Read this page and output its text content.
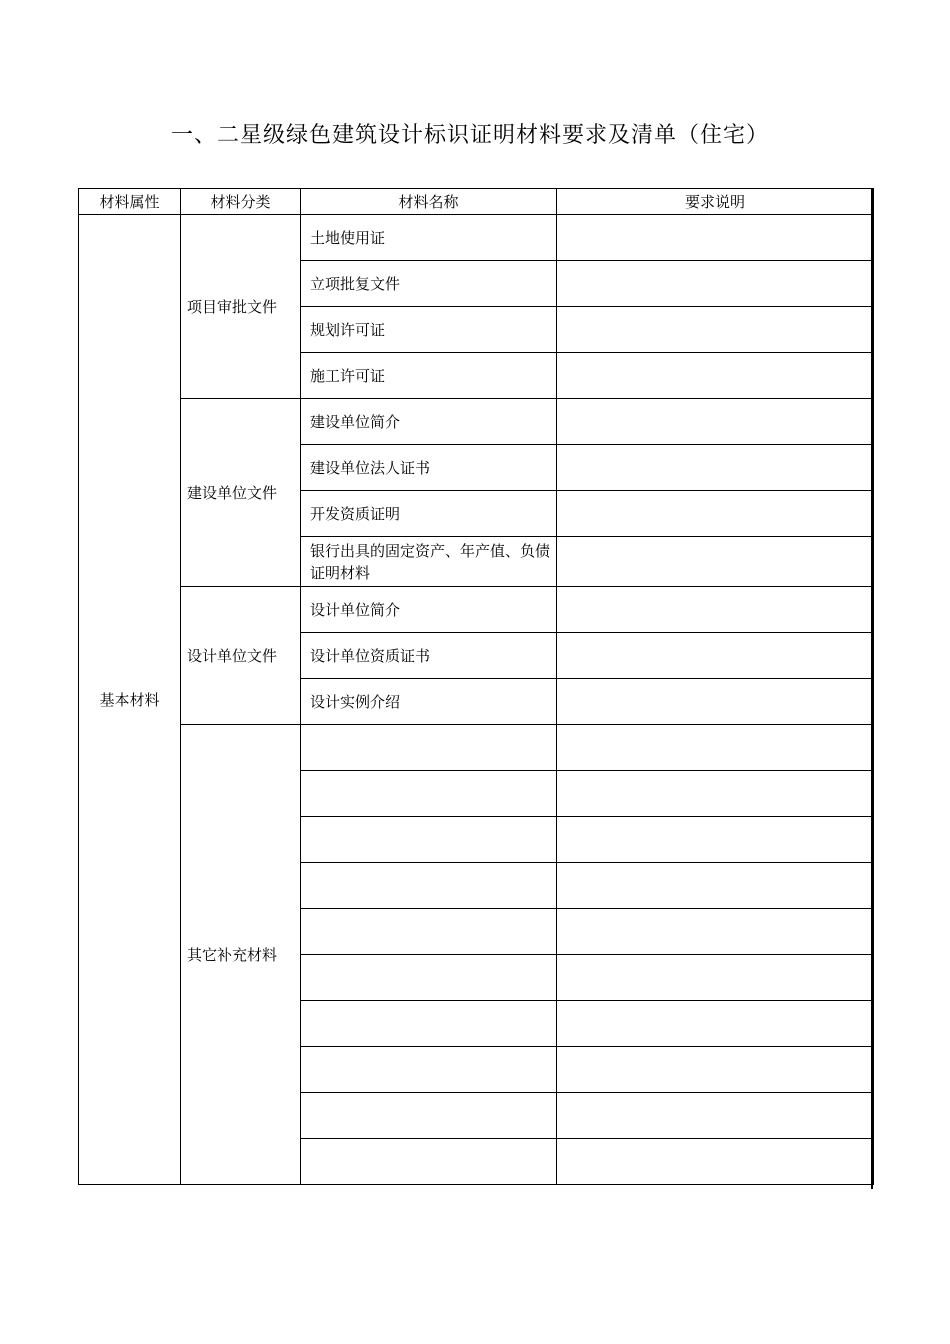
一、二星级绿色建筑设计标识证明材料要求及清单（住宅）
材料属性	材料分类	材料名称	要求说明
基本材料	项目审批文件	土地使用证	
		立项批复文件	
		规划许可证	
		施工许可证	
	建设单位文件	建设单位简介	
		建设单位法人证书	
		开发资质证明	
		银行出具的固定资产、年产值、负债证明材料	
	设计单位文件	设计单位简介	
		设计单位资质证书	
		设计实例介绍	
	其它补充材料		
